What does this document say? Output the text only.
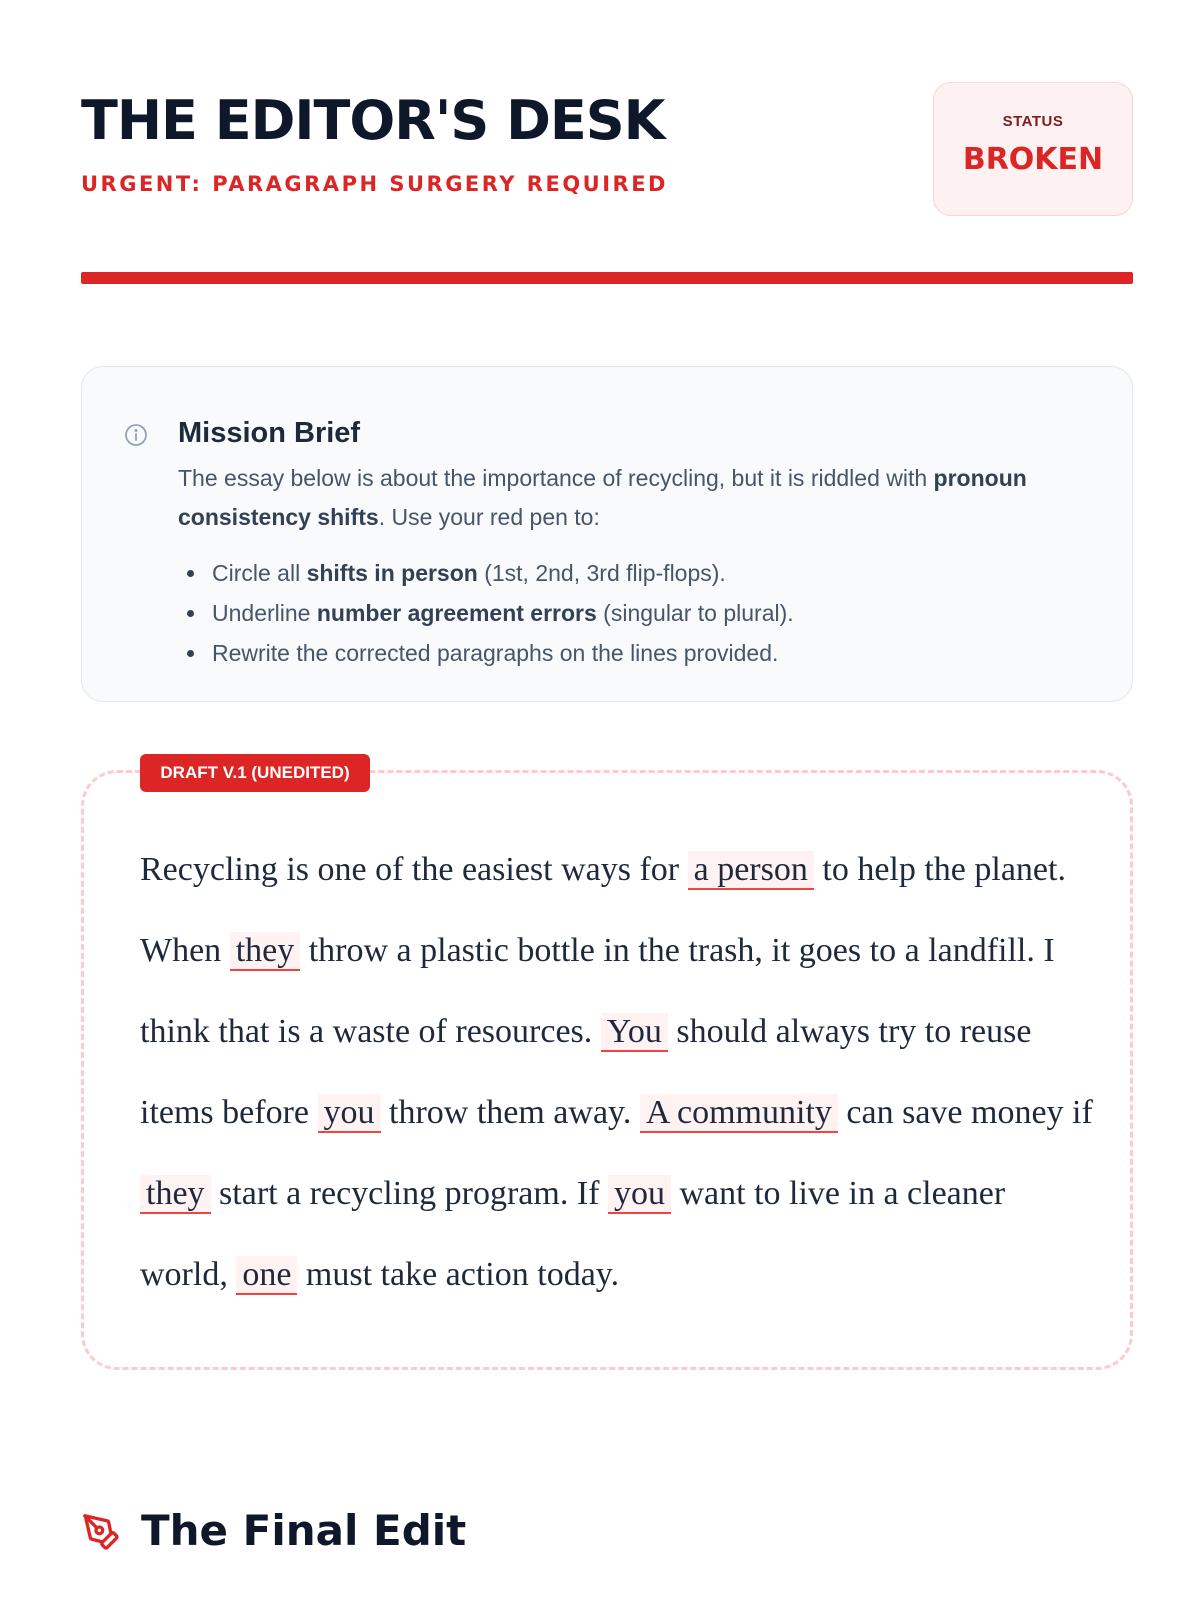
THE EDITOR'S DESK
URGENT: PARAGRAPH SURGERY REQUIRED
STATUS
BROKEN
Mission Brief

The essay below is about the importance of recycling, but it is riddled with pronoun consistency shifts. Use your red pen to:

Circle all shifts in person (1st, 2nd, 3rd flip-flops).
Underline number agreement errors (singular to plural).
Rewrite the corrected paragraphs on the lines provided.
DRAFT V.1 (UNEDITED)

Recycling is one of the easiest ways for a person to help the planet. When they throw a plastic bottle in the trash, it goes to a landfill. I think that is a waste of resources. You should always try to reuse items before you throw them away. A community can save money if they start a recycling program. If you want to live in a cleaner world, one must take action today.

The Final Edit
